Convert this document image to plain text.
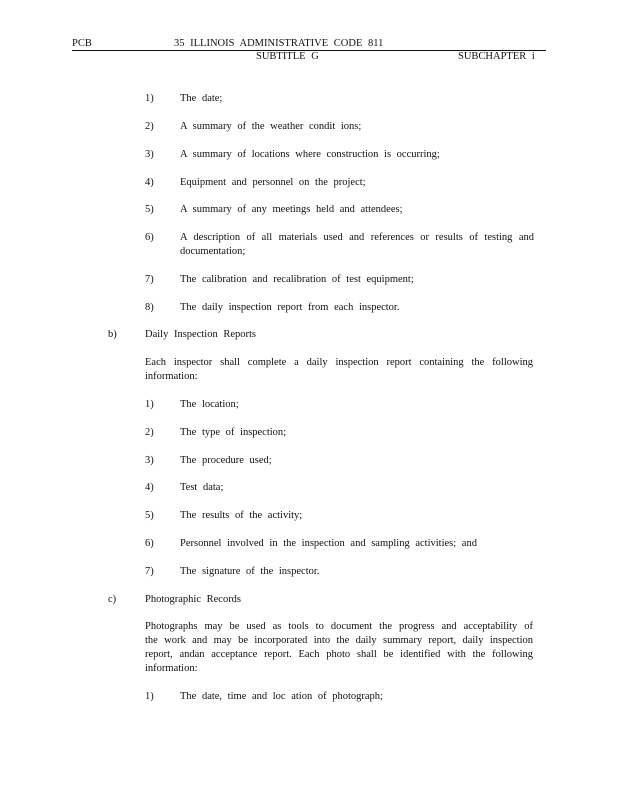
PCB	35 ILLINOIS ADMINISTRATIVE CODE 811
SUBTITLE G	SUBCHAPTER i
1)	The date;
2)	A summary of the weather condit ions;
3)	A summary of locations where construction is occurring;
4)	Equipment and personnel on the project;
5)	A summary of any meetings held and attendees;
6)	A description of all materials used and references or results of testing and documentation;
7)	The calibration and recalibration of test equipment;
8)	The daily inspection report from each inspector.
b)	Daily Inspection Reports
Each inspector shall complete a daily inspection report containing the following information:
1)	The location;
2)	The type of inspection;
3)	The procedure used;
4)	Test data;
5)	The results of the activity;
6)	Personnel involved in the inspection and sampling activities; and
7)	The signature of the inspector.
c)	Photographic Records
Photographs may be used as tools to document the progress and acceptability of the work and may be incorporated into the daily summary report, daily inspection report, andan acceptance report. Each photo shall be identified with the following information:
1)	The date, time and loc ation of photograph;
